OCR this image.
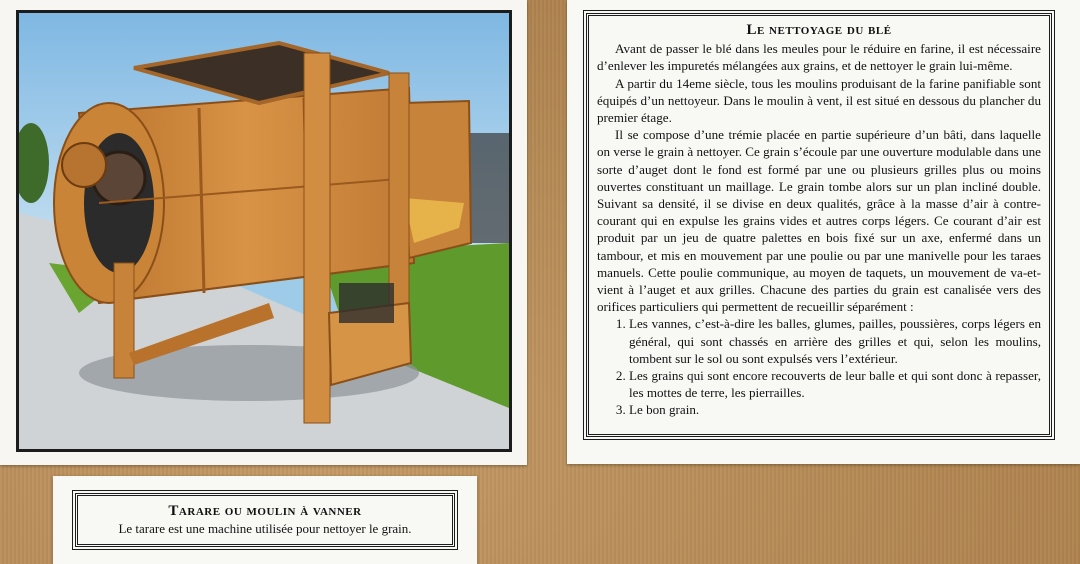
Le nettoyage du blé

Avant de passer le blé dans les meules pour le réduire en farine, il est nécessaire d’enlever les impuretés mélangées aux grains, et de nettoyer le grain lui-même.

A partir du 14eme siècle, tous les moulins produisant de la farine panifiable sont équipés d’un nettoyeur. Dans le moulin à vent, il est situé en dessous du plancher du premier étage.

Il se compose d’une trémie placée en partie supérieure d’un bâti, dans laquelle on verse le grain à nettoyer. Ce grain s’écoule par une ouverture modulable dans une sorte d’auget dont le fond est formé par une ou plusieurs grilles plus ou moins ouvertes constituant un maillage. Le grain tombe alors sur un plan incliné double. Suivant sa densité, il se divise en deux qualités, grâce à la masse d’air à contre-courant qui en expulse les grains vides et autres corps légers. Ce courant d’air est produit par un jeu de quatre palettes en bois fixé sur un axe, enfermé dans un tambour, et mis en mouvement par une poulie ou par une manivelle pour les taraes manuels. Cette poulie communique, au moyen de taquets, un mouvement de va-et-vient à l’auget et aux grilles. Chacune des parties du grain est canalisée vers des orifices particuliers qui permettent de recueillir séparément :

1. Les vannes, c’est-à-dire les balles, glumes, pailles, poussières, corps légers en général, qui sont chassés en arrière des grilles et qui, selon les moulins, tombent sur le sol ou sont expulsés vers l’extérieur.
2. Les grains qui sont encore recouverts de leur balle et qui sont donc à repasser, les mottes de terre, les pierrailles.
3. Le bon grain.
Tarare ou moulin à vanner
Le tarare est une machine utilisée pour nettoyer le grain.
